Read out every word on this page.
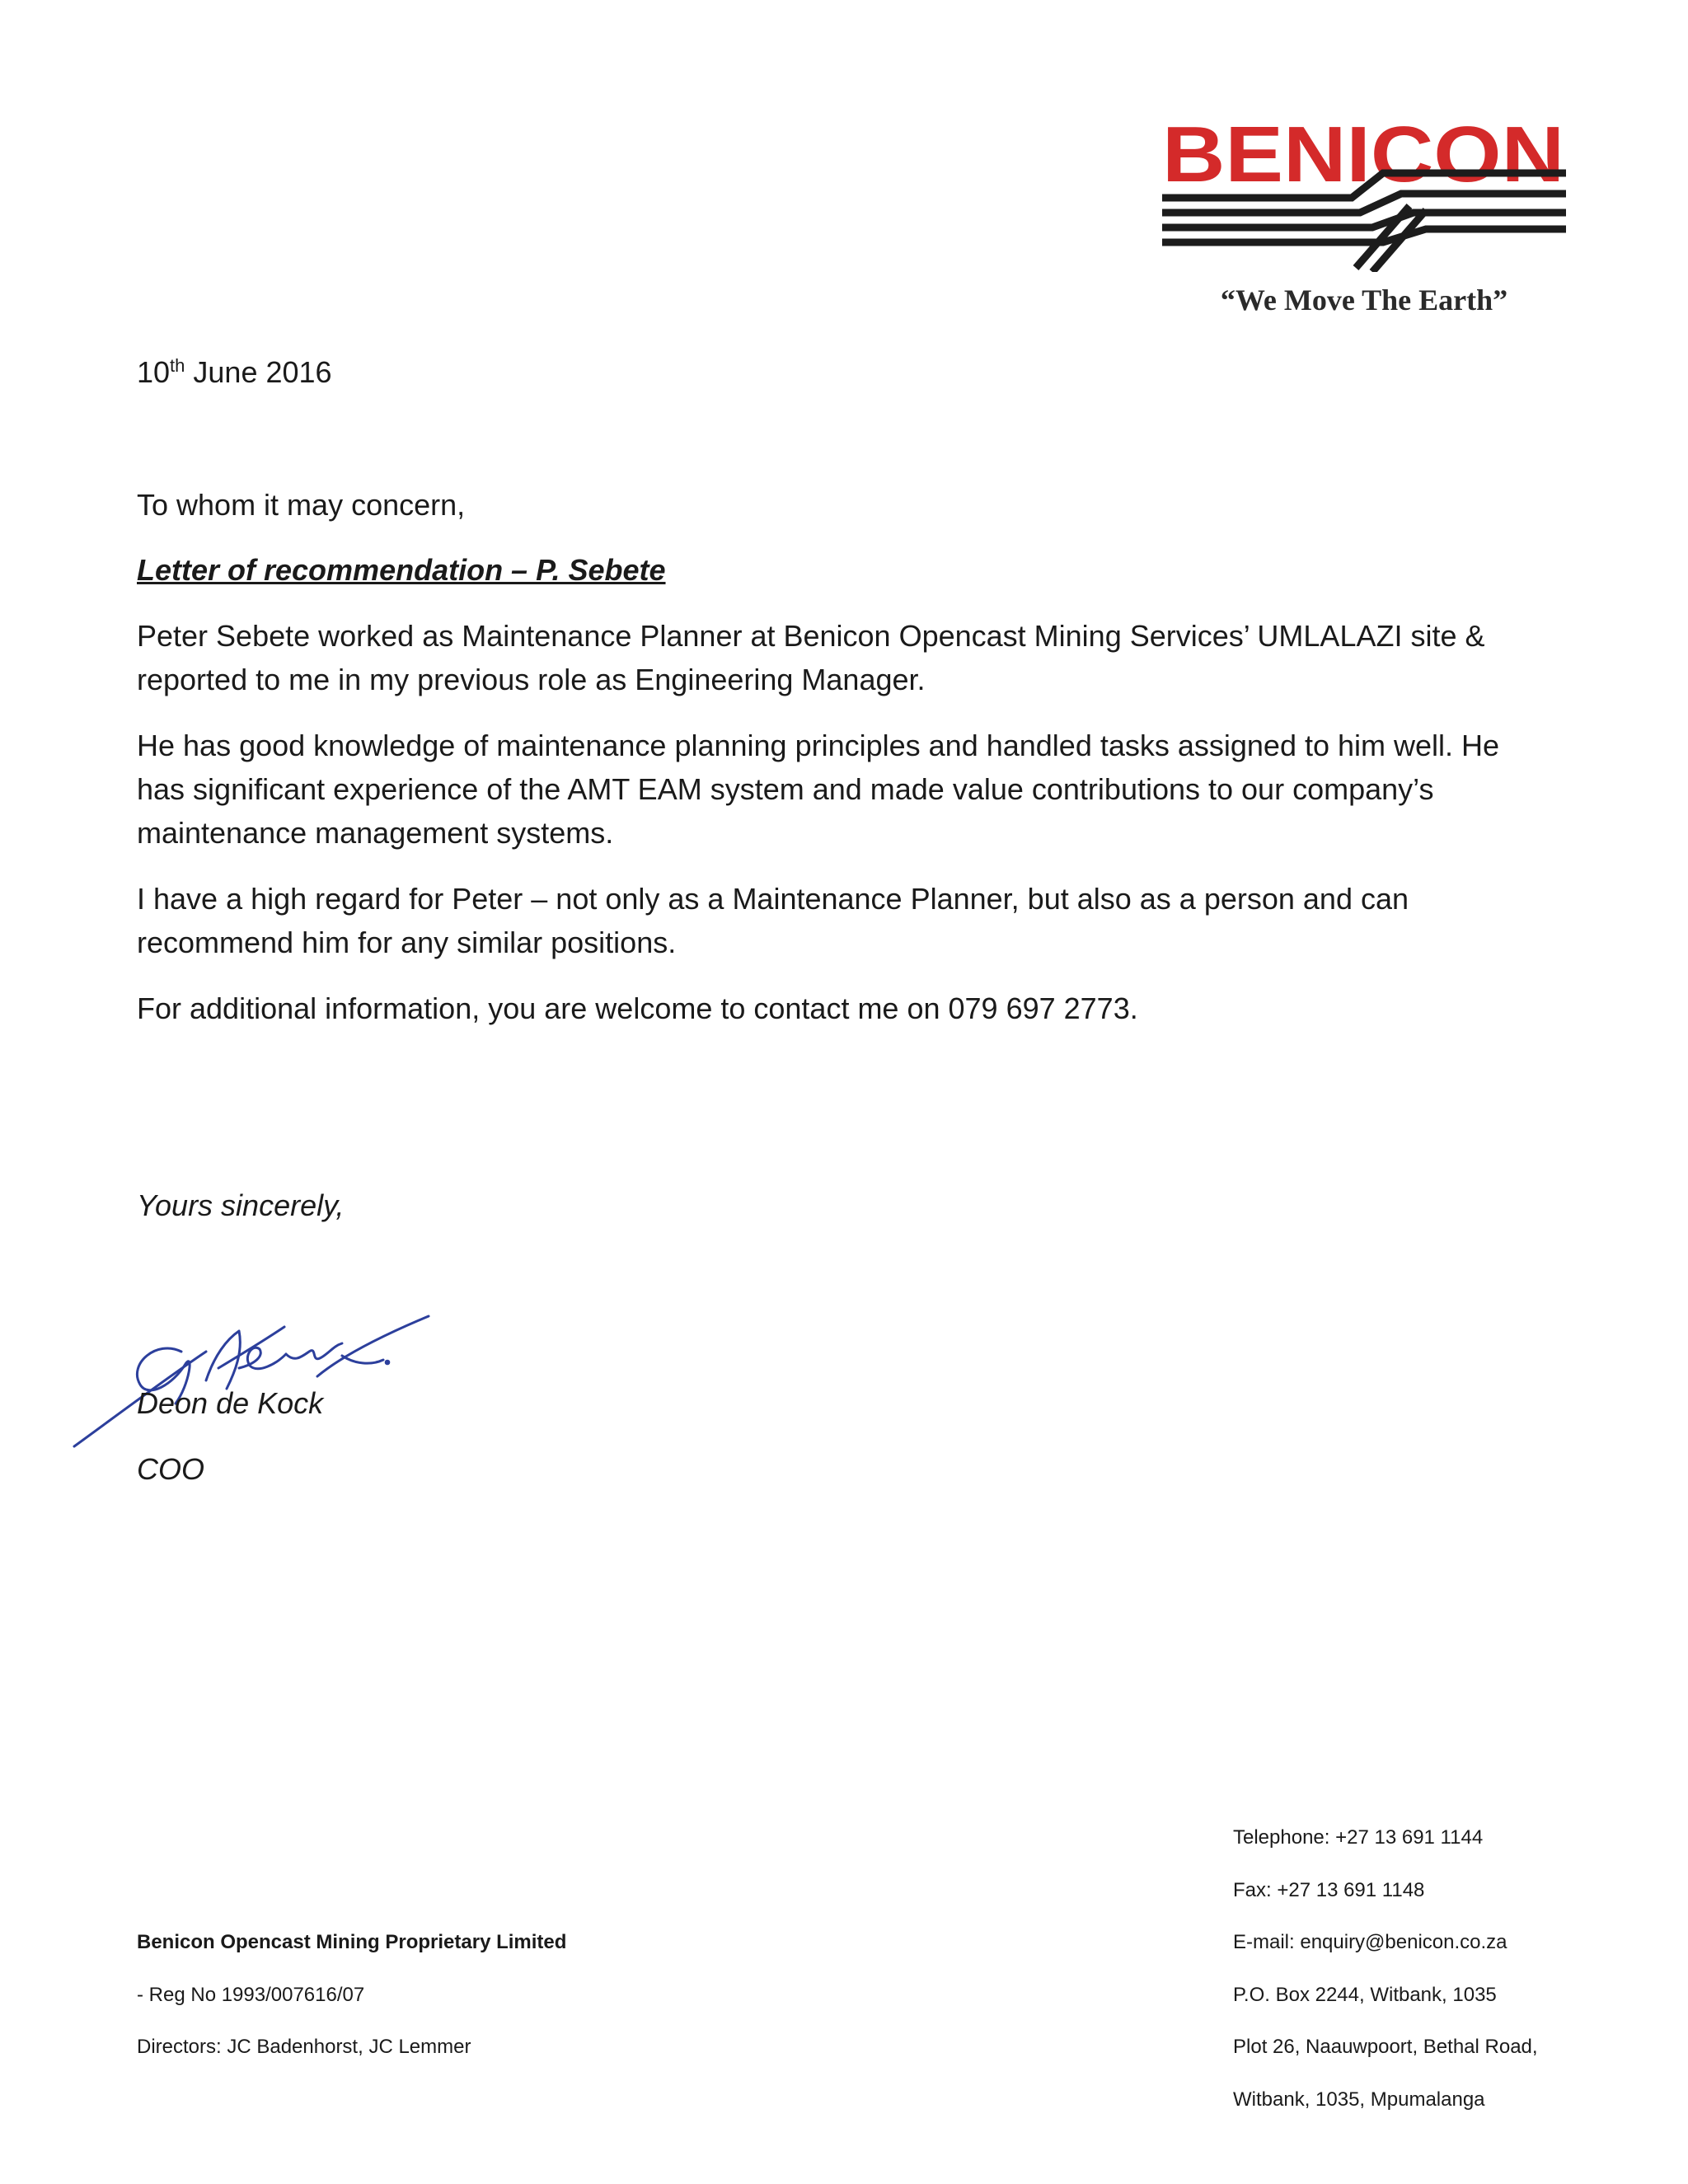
BENICON
“We Move The Earth”
10th June 2016
To whom it may concern,
Letter of recommendation – P. Sebete
Peter Sebete worked as Maintenance Planner at Benicon Opencast Mining Services’ UMLALAZI site & reported to me in my previous role as Engineering Manager.
He has good knowledge of maintenance planning principles and handled tasks assigned to him well. He has significant experience of the AMT EAM system and made value contributions to our company’s maintenance management systems.
I have a high regard for Peter – not only as a Maintenance Planner, but also as a person and can recommend him for any similar positions.
For additional information, you are welcome to contact me on 079 697 2773.
Yours sincerely,
Deon de Kock
COO
Benicon Opencast Mining Proprietary Limited
- Reg No 1993/007616/07
Directors: JC Badenhorst, JC Lemmer
Telephone: +27 13 691 1144
Fax: +27 13 691 1148
E-mail: enquiry@benicon.co.za
P.O. Box 2244, Witbank, 1035
Plot 26, Naauwpoort, Bethal Road,
Witbank, 1035, Mpumalanga
